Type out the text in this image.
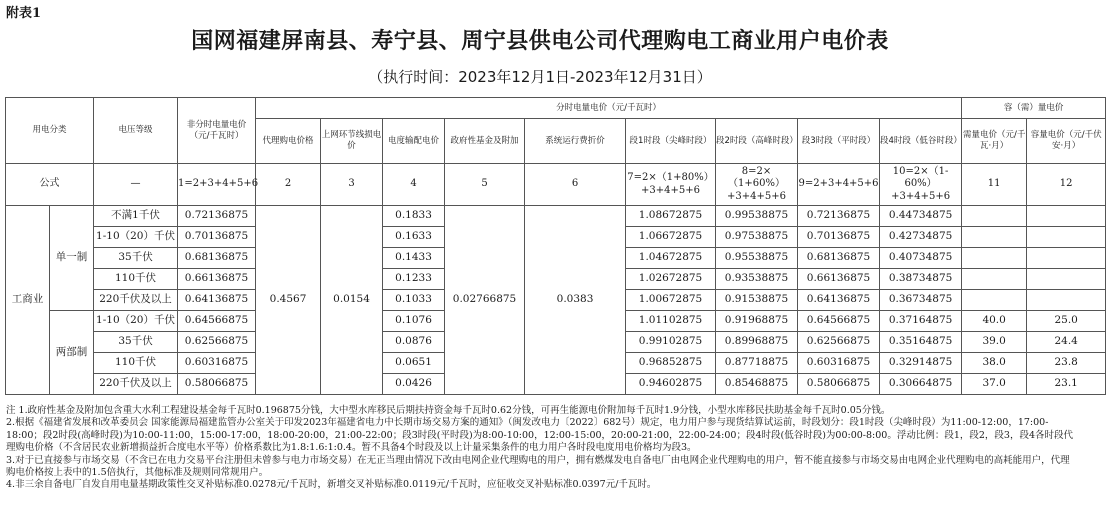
附表1
国网福建屏南县、寿宁县、周宁县供电公司代理购电工商业用户电价表
（执行时间：2023年12月1日-2023年12月31日）
用电分类		电压等级	非分时电量电价（元/千瓦时）	分时电量电价（元/千瓦时）									容（需）量电价	
				代理购电价格	上网环节线损电价	电度输配电价	政府性基金及附加	系统运行费折价	段1时段（尖峰时段）	段2时段（高峰时段）	段3时段（平时段）	段4时段（低谷时段）	需量电价（元/千瓦·月）	容量电价（元/千伏安·月）
公式		—	1=2+3+4+5+6	2	3	4	5	6	7=2×（1+80%）+3+4+5+6	8=2×（1+60%）+3+4+5+6	9=2+3+4+5+6	10=2×（1-60%）+3+4+5+6	11	12
工商业	单一制	不满1千伏	0.72136875	0.4567	0.0154	0.1833	0.02766875	0.0383	1.08672875	0.99538875	0.72136875	0.44734875		
		1-10（20）千伏	0.70136875			0.1633			1.06672875	0.97538875	0.70136875	0.42734875		
		35千伏	0.68136875			0.1433			1.04672875	0.95538875	0.68136875	0.40734875		
		110千伏	0.66136875			0.1233			1.02672875	0.93538875	0.66136875	0.38734875		
		220千伏及以上	0.64136875			0.1033			1.00672875	0.91538875	0.64136875	0.36734875		
	两部制	1-10（20）千伏	0.64566875			0.1076			1.01102875	0.91968875	0.64566875	0.37164875	40.0	25.0
		35千伏	0.62566875			0.0876			0.99102875	0.89968875	0.62566875	0.35164875	39.0	24.4
		110千伏	0.60316875			0.0651			0.96852875	0.87718875	0.60316875	0.32914875	38.0	23.8
		220千伏及以上	0.58066875			0.0426			0.94602875	0.85468875	0.58066875	0.30664875	37.0	23.1
注 1.政府性基金及附加包含重大水利工程建设基金每千瓦时0.196875分钱，大中型水库移民后期扶持资金每千瓦时0.62分钱，可再生能源电价附加每千瓦时1.9分钱，小型水库移民扶助基金每千瓦时0.05分钱。
2.根据《福建省发展和改革委员会 国家能源局福建监管办公室关于印发2023年福建省电力中长期市场交易方案的通知》（闽发改电力〔2022〕682号）规定，电力用户参与现货结算试运前，时段划分：段1时段（尖峰时段）为11:00-12:00，17:00-18:00；段2时段(高峰时段)为10:00-11:00，15:00-17:00，18:00-20:00，21:00-22:00；段3时段(平时段)为8:00-10:00，12:00-15:00，20:00-21:00，22:00-24:00；段4时段(低谷时段)为00:00-8:00。浮动比例：段1，段2，段3，段4各时段代理购电价格（不含居民农业新增损益折合度电水平等）价格系数比为1.8:1.6:1:0.4。暂不具备4个时段及以上计量采集条件的电力用户各时段电度用电价格均为段3。
3.对于已直接参与市场交易（不含已在电力交易平台注册但未曾参与电力市场交易）在无正当理由情况下改由电网企业代理购电的用户，拥有燃煤发电自备电厂由电网企业代理购电的用户，暂不能直接参与市场交易由电网企业代理购电的高耗能用户，代理购电价格按上表中的1.5倍执行，其他标准及规则同常规用户。
4.非三余自备电厂自发自用电量基期政策性交叉补贴标准0.0278元/千瓦时，新增交叉补贴标准0.0119元/千瓦时，应征收交叉补贴标准0.0397元/千瓦时。
